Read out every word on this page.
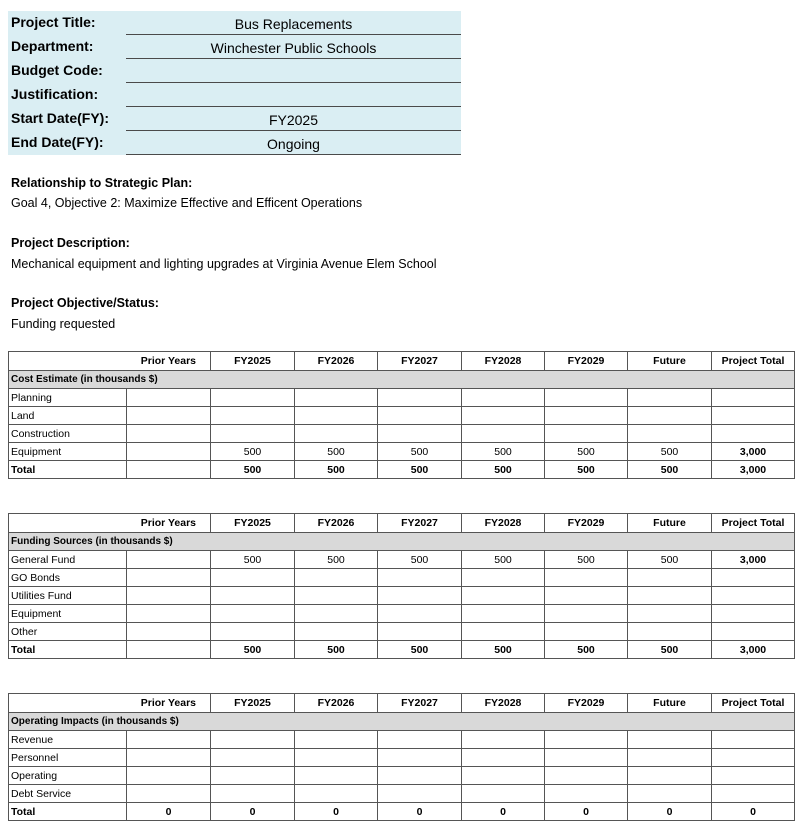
Project Title:	Bus Replacements
Department:	Winchester Public Schools
Budget Code:
Justification:
Start Date(FY):	FY2025
End Date(FY):	Ongoing
Relationship to Strategic Plan:
Goal 4, Objective 2: Maximize Effective and Efficent Operations
Project Description:
Mechanical equipment and lighting upgrades at Virginia Avenue Elem School
Project Objective/Status:
Funding requested
	Prior Years	FY2025	FY2026	FY2027	FY2028	FY2029	Future	Project Total
Cost Estimate (in thousands $)								
Planning								
Land								
Construction								
Equipment		500	500	500	500	500	500	3,000
Total		500	500	500	500	500	500	3,000
	Prior Years	FY2025	FY2026	FY2027	FY2028	FY2029	Future	Project Total
Funding Sources (in thousands $)								
General Fund		500	500	500	500	500	500	3,000
GO Bonds								
Utilities Fund								
Equipment								
Other								
Total		500	500	500	500	500	500	3,000
	Prior Years	FY2025	FY2026	FY2027	FY2028	FY2029	Future	Project Total
Operating Impacts (in thousands $)								
Revenue								
Personnel								
Operating								
Debt Service								
Total	0	0	0	0	0	0	0	0
